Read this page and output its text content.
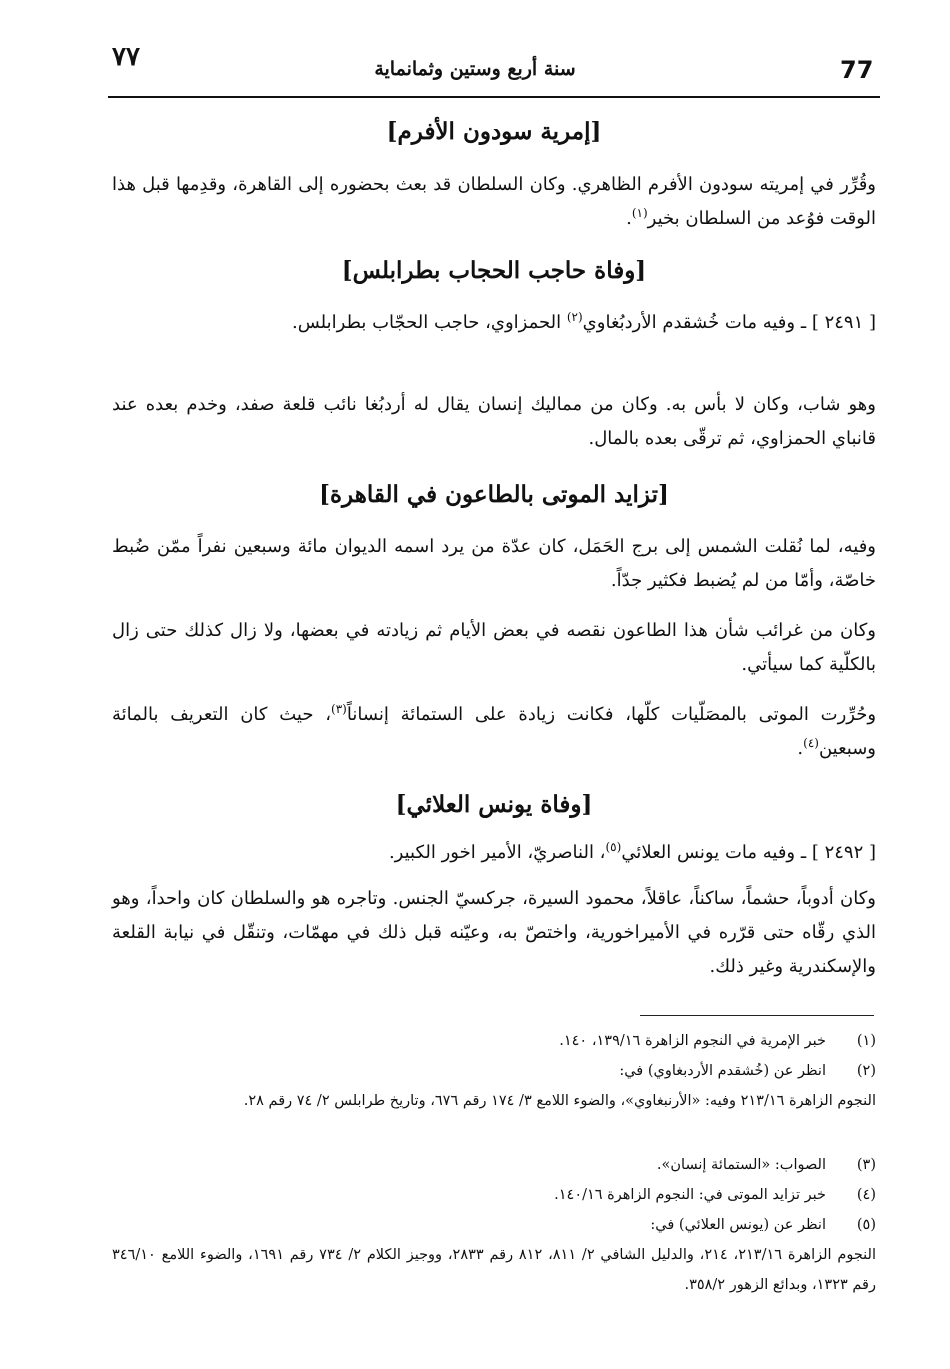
٧٧	سنة أربع وستين وثمانماية	77
[إمرية سودون الأفرم]
وقُرِّر في إمريته سودون الأفرم الظاهري. وكان السلطان قد بعث بحضوره إلى القاهرة، وقدِمها قبل هذا الوقت فوُعد من السلطان بخير$^{(١)}$.
[وفاة حاجب الحجاب بطرابلس]
[ ٢٤٩١ ] ـ وفيه مات خُشقدم الأردبُغاوي$^{(٢)}$ الحمزاوي، حاجب الحجّاب بطرابلس.
وهو شاب، وكان لا بأس به. وكان من مماليك إنسان يقال له أردبُغا نائب قلعة صفد، وخدم بعده عند قانباي الحمزاوي، ثم ترقّى بعده بالمال.
[تزايد الموتى بالطاعون في القاهرة]
وفيه، لما نُقلت الشمس إلى برج الحَمَل، كان عدّة من يرد اسمه الديوان مائة وسبعين نفراً ممّن ضُبط خاصّة، وأمّا من لم يُضبط فكثير جدّاً.
وكان من غرائب شأن هذا الطاعون نقصه في بعض الأيام ثم زيادته في بعضها، ولا زال كذلك حتى زال بالكلّية كما سيأتي.
وحُرِّرت الموتى بالمصَلّيات كلّها، فكانت زيادة على الستمائة إنساناً$^{(٣)}$، حيث كان التعريف بالمائة وسبعين$^{(٤)}$.
[وفاة يونس العلائي]
[ ٢٤٩٢ ] ـ وفيه مات يونس العلائي$^{(٥)}$، الناصريّ، الأمير اخور الكبير.
وكان أدوباً، حشماً، ساكناً، عاقلاً، محمود السيرة، جركسيّ الجنس. وتاجره هو والسلطان كان واحداً، وهو الذي رقّاه حتى قرّره في الأميراخورية، واختصّ به، وعيّنه قبل ذلك في مهمّات، وتنقّل في نيابة القلعة والإسكندرية وغير ذلك.
(١)
خبر الإمرية في النجوم الزاهرة ١٣٩/١٦، ١٤٠.
(٢)
انظر عن (خُشقدم الأردبغاوي) في:
النجوم الزاهرة ٢١٣/١٦ وفيه: «الأرنبغاوي»، والضوء اللامع ٣/ ١٧٤ رقم ٦٧٦، وتاريخ طرابلس ٢/ ٧٤ رقم ٢٨.
(٣)
الصواب: «الستمائة إنسان».
(٤)
خبر تزايد الموتى في: النجوم الزاهرة ١٤٠/١٦.
(٥)
انظر عن (يونس العلائي) في:
النجوم الزاهرة ٢١٣/١٦، ٢١٤، والدليل الشافي ٢/ ٨١١، ٨١٢ رقم ٢٨٣٣، ووجيز الكلام ٢/ ٧٣٤ رقم ١٦٩١، والضوء اللامع ٣٤٦/١٠ رقم ١٣٢٣، وبدائع الزهور ٣٥٨/٢.
